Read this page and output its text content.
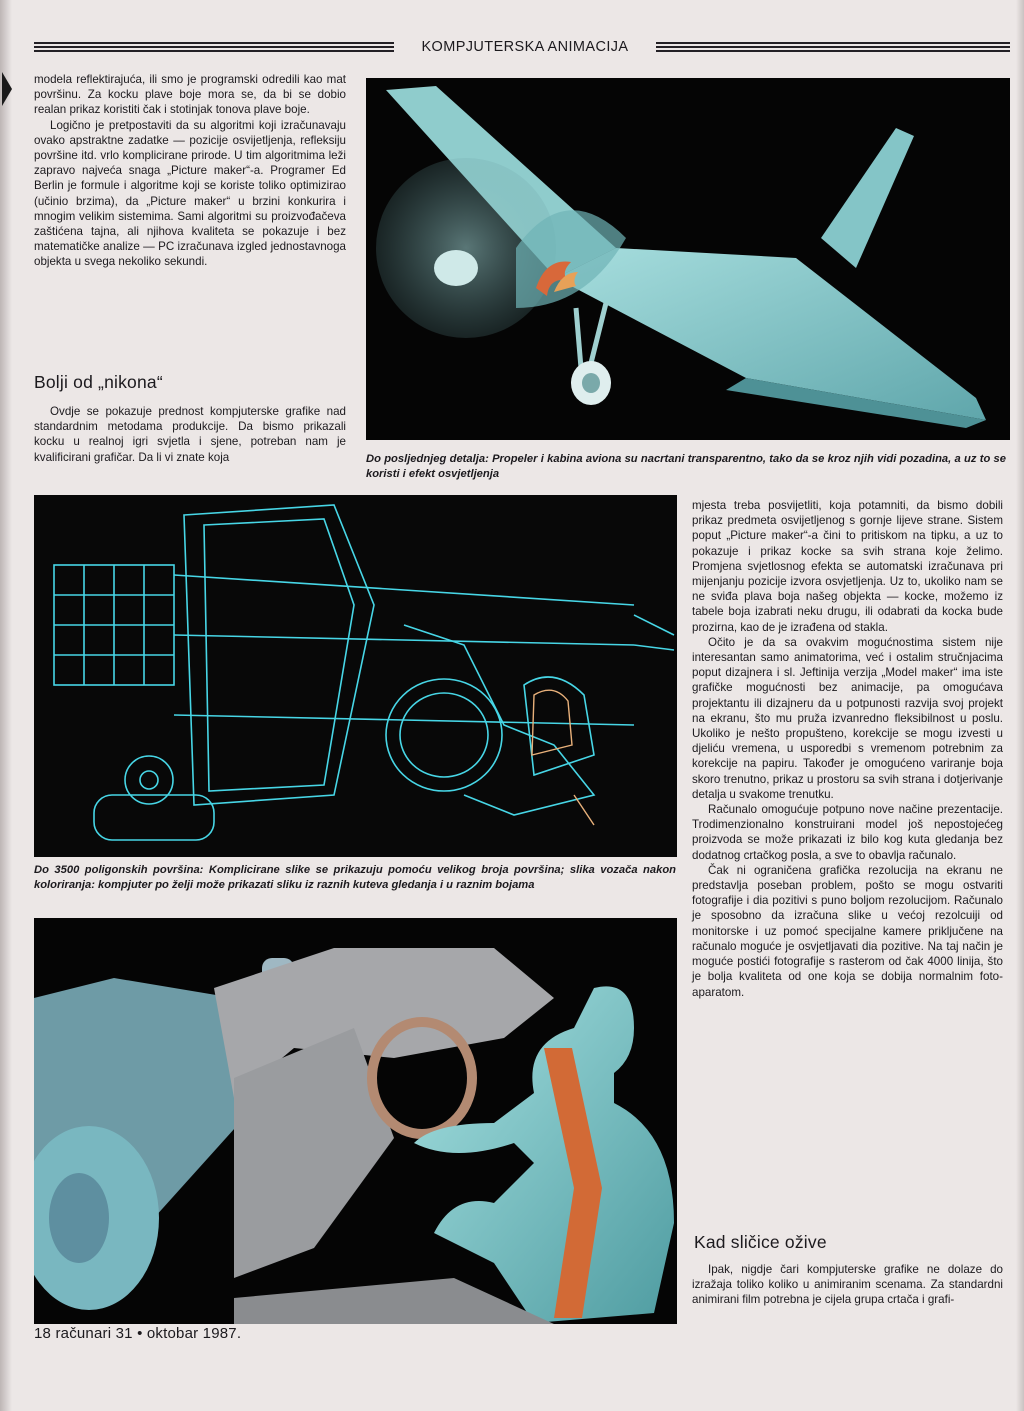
KOMPJUTERSKA ANIMACIJA

modela reflektirajuća, ili smo je programski odredili kao mat površinu. Za kocku plave boje mora se, da bi se dobio realan prikaz koristiti čak i stotinjak tonova plave boje.

Logično je pretpostaviti da su algoritmi koji izračunavaju ovako apstraktne zadatke — pozicije osvijetljenja, refleksiju površine itd. vrlo komplicirane prirode. U tim algoritmima leži zapravo najveća snaga „Picture maker“-a. Programer Ed Berlin je formule i algoritme koji se koriste toliko optimizirao (učinio brzima), da „Picture maker“ u brzini konkurira i mnogim velikim sistemima. Sami algoritmi su proizvođačeva zaštićena tajna, ali njihova kvaliteta se pokazuje i bez matematičke analize — PC izračunava izgled jednostavnoga objekta u svega nekoliko sekundi.

Bolji od „nikona“

Ovdje se pokazuje prednost kompjuterske grafike nad standardnim metodama produkcije. Da bismo prikazali kocku u realnoj igri svjetla i sjene, potreban nam je kvalificirani grafičar. Da li vi znate koja	Do posljednjeg detalja: Propeler i kabina aviona su nacrtani transparentno, tako da se kroz njih vidi pozadina, a uz to se koristi i efekt osvjetljenja
Do 3500 poligonskih površina: Komplicirane slike se prikazuju pomoću velikog broja površina; slika vozača nakon koloriranja: kompjuter po želji može prikazati sliku iz raznih kuteva gledanja i u raznim bojama

mjesta treba posvijetliti, koja potamniti, da bismo dobili prikaz predmeta osvijetljenog s gornje lijeve strane. Sistem poput „Picture maker“-a čini to pritiskom na tipku, a uz to pokazuje i prikaz kocke sa svih strana koje želimo. Promjena svjetlosnog efekta se automatski izračunava pri mijenjanju pozicije izvora osvjetljenja. Uz to, ukoliko nam se ne sviđa plava boja našeg objekta — kocke, možemo iz tabele boja izabrati neku drugu, ili odabrati da kocka bude prozirna, kao de je izrađena od stakla.

Očito je da sa ovakvim mogućnostima sistem nije interesantan samo animatorima, već i ostalim stručnjacima poput dizajnera i sl. Jeftinija verzija „Model maker“ ima iste grafičke mogućnosti bez animacije, pa omogućava projektantu ili dizajneru da u potpunosti razvija svoj projekt na ekranu, što mu pruža izvanredno fleksibilnost u poslu. Ukoliko je nešto propušteno, korekcije se mogu izvesti u djeliću vremena, u usporedbi s vremenom potrebnim za korekcije na papiru. Također je omogućeno variranje boja skoro trenutno, prikaz u prostoru sa svih strana i dotjerivanje detalja u svakome trenutku.

Računalo omogućuje potpuno nove načine prezentacije. Trodimenzionalno konstruirani model još nepostojećeg proizvoda se može prikazati iz bilo kog kuta gledanja bez dodatnog crtačkog posla, a sve to obavlja računalo.

Čak ni ograničena grafička rezolucija na ekranu ne predstavlja poseban problem, pošto se mogu ostvariti fotografije i dia pozitivi s puno boljom rezolucijom. Računalo je sposobno da izračuna slike u većoj rezolcuiji od monitorske i uz pomoć specijalne kamere priključene na računalo moguće je osvjetljavati dia pozitive. Na taj način je moguće postići fotografije s rasterom od čak 4000 linija, što je bolja kvaliteta od one koja se dobija normalnim foto-aparatom.

Kad sličice ožive

Ipak, nigdje čari kompjuterske grafike ne dolaze do izražaja toliko koliko u animiranim scenama. Za standardni animirani film potrebna je cijela grupa crtača i grafi-

18 računari 31 • oktobar 1987.
